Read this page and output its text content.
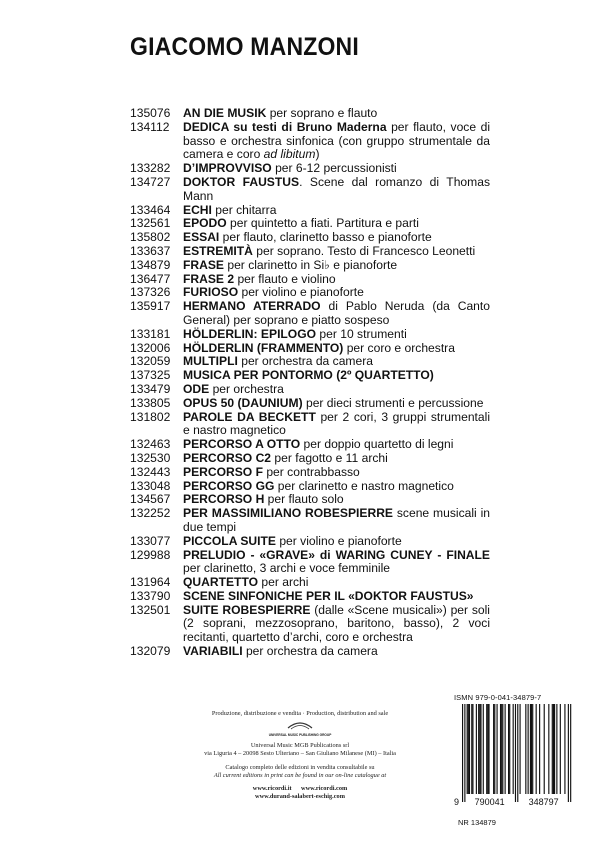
GIACOMO MANZONI
135076	AN DIE MUSIK per soprano e flauto
134112	DEDICA su testi di Bruno Maderna per flauto, voce di basso e orchestra sinfonica (con gruppo strumentale da camera e coro ad libitum)
133282	D’IMPROVVISO per 6-12 percussionisti
134727	DOKTOR FAUSTUS. Scene dal romanzo di Thomas Mann
133464	ECHI per chitarra
132561	EPODO per quintetto a fiati. Partitura e parti
135802	ESSAI per flauto, clarinetto basso e pianoforte
133637	ESTREMITÀ per soprano. Testo di Francesco Leonetti
134879	FRASE per clarinetto in Si♭ e pianoforte
136477	FRASE 2 per flauto e violino
137326	FURIOSO per violino e pianoforte
135917	HERMANO ATERRADO di Pablo Neruda (da Canto General) per soprano e piatto sospeso
133181	HÖLDERLIN: EPILOGO per 10 strumenti
132006	HÖLDERLIN (FRAMMENTO) per coro e orchestra
132059	MULTIPLI per orchestra da camera
137325	MUSICA PER PONTORMO (2º QUARTETTO)
133479	ODE per orchestra
133805	OPUS 50 (DAUNIUM) per dieci strumenti e percussione
131802	PAROLE DA BECKETT per 2 cori, 3 gruppi strumentali e nastro magnetico
132463	PERCORSO A OTTO per doppio quartetto di legni
132530	PERCORSO C2 per fagotto e 11 archi
132443	PERCORSO F per contrabbasso
133048	PERCORSO GG per clarinetto e nastro magnetico
134567	PERCORSO H per flauto solo
132252	PER MASSIMILIANO ROBESPIERRE scene musicali in due tempi
133077	PICCOLA SUITE per violino e pianoforte
129988	PRELUDIO - «GRAVE» di WARING CUNEY - FINALE per clarinetto, 3 archi e voce femminile
131964	QUARTETTO per archi
133790	SCENE SINFONICHE PER IL «DOKTOR FAUSTUS»
132501	SUITE ROBESPIERRE (dalle «Scene musicali») per soli (2 soprani, mezzosoprano, baritono, basso), 2 voci recitanti, quartetto d’archi, coro e orchestra
132079	VARIABILI per orchestra da camera
UNIVERSAL MUSIC PUBLISHING GROUP
Produzione, distribuzione e vendita · Production, distribution and sale
Universal Music MGB Publications srl
via Liguria 4 – 20098 Sesto Ulteriano – San Giuliano Milanese (MI) – Italia
Catalogo completo delle edizioni in vendita consultabile su
All current editions in print can be found in our on-line catalogue at
www.ricordi.it www.ricordi.com
www.durand-salabert-eschig.com
ISMN 979-0-041-34879-7
9 790041	348797
NR 134879
